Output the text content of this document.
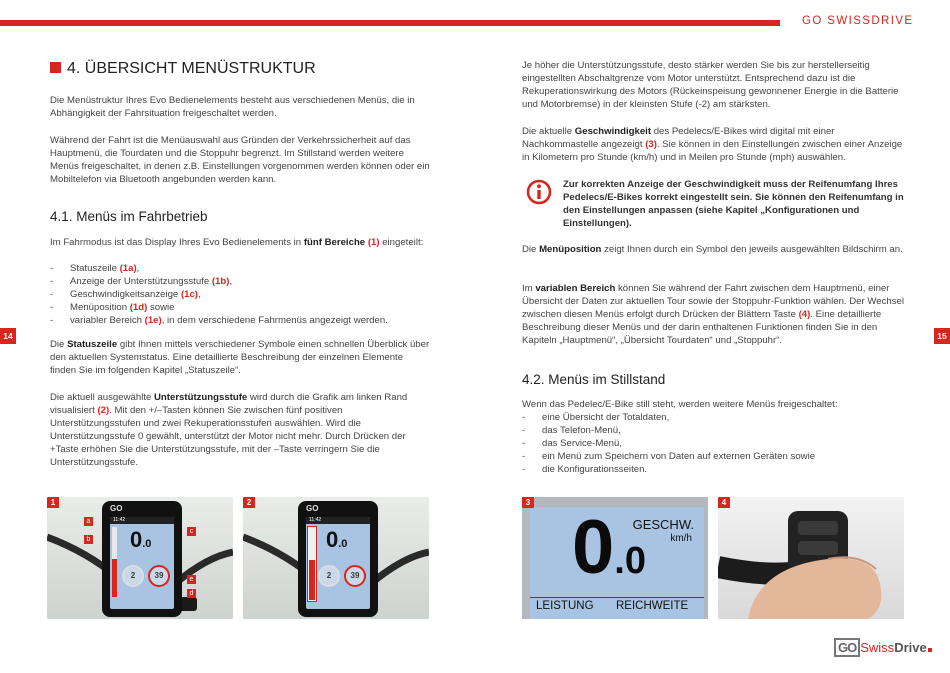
GO SWISSDRIVE
4. ÜBERSICHT MENÜSTRUKTUR
Die Menüstruktur Ihres Evo Bedienelements besteht aus verschiedenen Menüs, die in Abhängigkeit der Fahrsituation freigeschaltet werden.
Während der Fahrt ist die Menüauswahl aus Gründen der Verkehrssicherheit auf das Hauptmenü, die Tourdaten und die Stoppuhr begrenzt. Im Stillstand werden weitere Menüs freigeschaltet, in denen z.B. Einstellungen vorgenommen werden können oder ein Mobiltelefon via Bluetooth angebunden werden kann.
4.1. Menüs im Fahrbetrieb
Im Fahrmodus ist das Display Ihres Evo Bedienelements in fünf Bereiche (1) eingeteilt:
- Statuszeile (1a),
- Anzeige der Unterstützungsstufe (1b),
- Geschwindigkeitsanzeige (1c),
- Menüposition (1d) sowie
- variabler Bereich (1e), in dem verschiedene Fahrmenüs angezeigt werden.
Die Statuszeile gibt Ihnen mittels verschiedener Symbole einen schnellen Überblick über den aktuellen Systemstatus. Eine detaillierte Beschreibung der einzelnen Elemente finden Sie im folgenden Kapitel „Statuszeile“.
Die aktuell ausgewählte Unterstützungsstufe wird durch die Grafik am linken Rand visualisiert (2). Mit den +/–Tasten können Sie zwischen fünf positiven Unterstützungsstufen und zwei Rekuperationsstufen auswählen. Wird die Unterstützungsstufe 0 gewählt, unterstützt der Motor nicht mehr. Durch Drücken der +Taste erhöhen Sie die Unterstützungsstufe, mit der –Taste verringern Sie die Unterstützungsstufe.
14
1
GO
11:42
0.0
2	39
a
b
c
e
d
2
GO
11:42
0.0
2	39
Je höher die Unterstützungsstufe, desto stärker werden Sie bis zur herstellerseitig eingestellten Abschaltgrenze vom Motor unterstützt. Entsprechend dazu ist die Rekuperationswirkung des Motors (Rückeinspeisung gewonnener Energie in die Batterie und Motorbremse) in der kleinsten Stufe (-2) am stärksten.
Die aktuelle Geschwindigkeit des Pedelecs/E-Bikes wird digital mit einer Nachkommastelle angezeigt (3). Sie können in den Einstellungen zwischen einer Anzeige in Kilometern pro Stunde (km/h) und in Meilen pro Stunde (mph) auswählen.
Zur korrekten Anzeige der Geschwindigkeit muss der Reifenumfang Ihres Pedelecs/E-Bikes korrekt eingestellt sein. Sie können den Reifenumfang in den Einstellungen anpassen (siehe Kapitel „Konfigurationen und Einstellungen).
Die Menüposition zeigt Ihnen durch ein Symbol den jeweils ausgewählten Bildschirm an.
Im variablen Bereich können Sie während der Fahrt zwischen dem Hauptmenü, einer Übersicht der Daten zur aktuellen Tour sowie der Stoppuhr-Funktion wählen. Der Wechsel zwischen diesen Menüs erfolgt durch Drücken der Blättern Taste (4). Eine detaillierte Beschreibung dieser Menüs und der darin enthaltenen Funktionen finden Sie in den Kapiteln „Hauptmenü“, „Übersicht Tourdaten“ und „Stoppuhr“.
4.2. Menüs im Stillstand
Wenn das Pedelec/E-Bike still steht, werden weitere Menüs freigeschaltet:
- eine Übersicht der Totaldaten,
- das Telefon-Menü,
- das Service-Menü,
- ein Menü zum Speichern von Daten auf externen Geräten sowie
- die Konfigurationsseiten.
15
3
GESCHW.
km/h
0.0
LEISTUNG REICHWEITE
4
GO SwissDrive
